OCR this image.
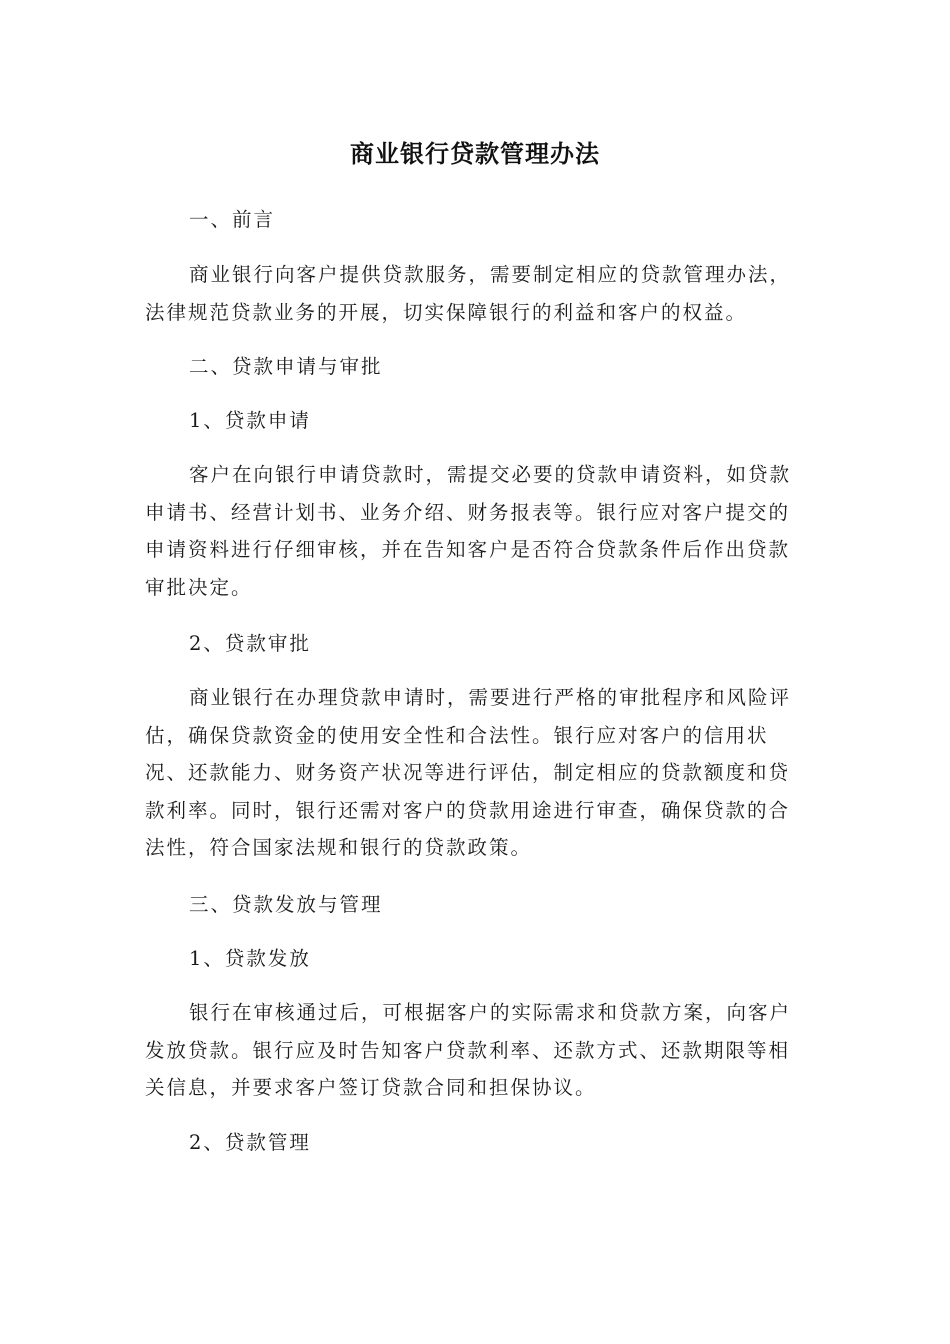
商业银行贷款管理办法

一、前言

商业银行向客户提供贷款服务，需要制定相应的贷款管理办法，法律规范贷款业务的开展，切实保障银行的利益和客户的权益。

二、贷款申请与审批

1、贷款申请

客户在向银行申请贷款时，需提交必要的贷款申请资料，如贷款申请书、经营计划书、业务介绍、财务报表等。银行应对客户提交的申请资料进行仔细审核，并在告知客户是否符合贷款条件后作出贷款审批决定。

2、贷款审批

商业银行在办理贷款申请时，需要进行严格的审批程序和风险评估，确保贷款资金的使用安全性和合法性。银行应对客户的信用状况、还款能力、财务资产状况等进行评估，制定相应的贷款额度和贷款利率。同时，银行还需对客户的贷款用途进行审查，确保贷款的合法性，符合国家法规和银行的贷款政策。

三、贷款发放与管理

1、贷款发放

银行在审核通过后，可根据客户的实际需求和贷款方案，向客户发放贷款。银行应及时告知客户贷款利率、还款方式、还款期限等相关信息，并要求客户签订贷款合同和担保协议。

2、贷款管理
